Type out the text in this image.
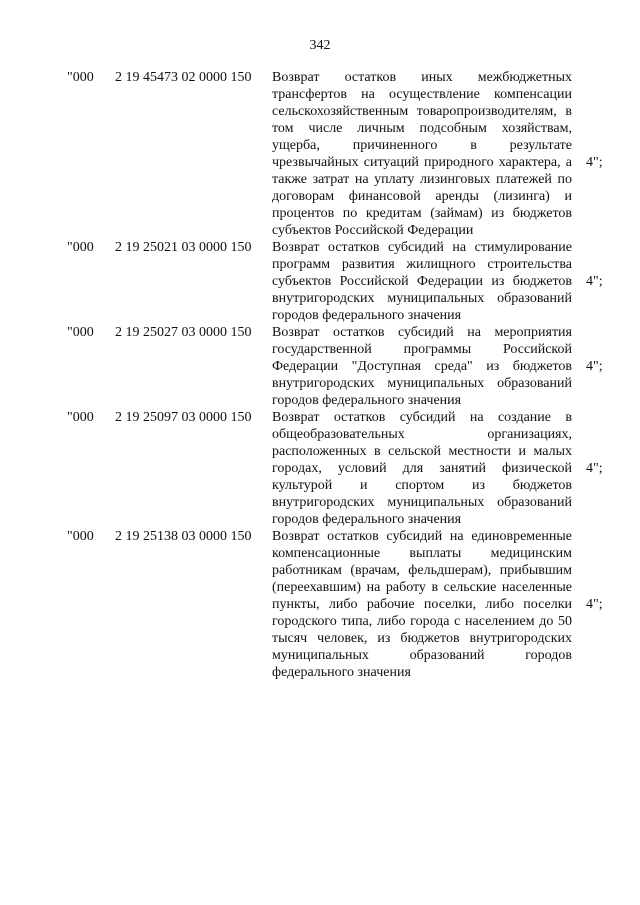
342
"000 2 19 45473 02 0000 150 Возврат остатков иных межбюджетных трансфертов на осуществление компенсации сельскохозяйственным товаропроизводителям, в том числе личным подсобным хозяйствам, ущерба, причиненного в результате чрезвычайных ситуаций природного характера, а также затрат на уплату лизинговых платежей по договорам финансовой аренды (лизинга) и процентов по кредитам (займам) из бюджетов субъектов Российской Федерации
4";
"000 2 19 25021 03 0000 150 Возврат остатков субсидий на стимулирование программ развития жилищного строительства субъектов Российской Федерации из бюджетов внутригородских муниципальных образований городов федерального значения
4";
"000 2 19 25027 03 0000 150 Возврат остатков субсидий на мероприятия государственной программы Российской Федерации "Доступная среда" из бюджетов внутригородских муниципальных образований городов федерального значения
4";
"000 2 19 25097 03 0000 150 Возврат остатков субсидий на создание в общеобразовательных организациях, расположенных в сельской местности и малых городах, условий для занятий физической культурой и спортом из бюджетов внутригородских муниципальных образований городов федерального значения
4";
"000 2 19 25138 03 0000 150 Возврат остатков субсидий на единовременные компенсационные выплаты медицинским работникам (врачам, фельдшерам), прибывшим (переехавшим) на работу в сельские населенные пункты, либо рабочие поселки, либо поселки городского типа, либо города с населением до 50 тысяч человек, из бюджетов внутригородских муниципальных образований городов федерального значения
4";
